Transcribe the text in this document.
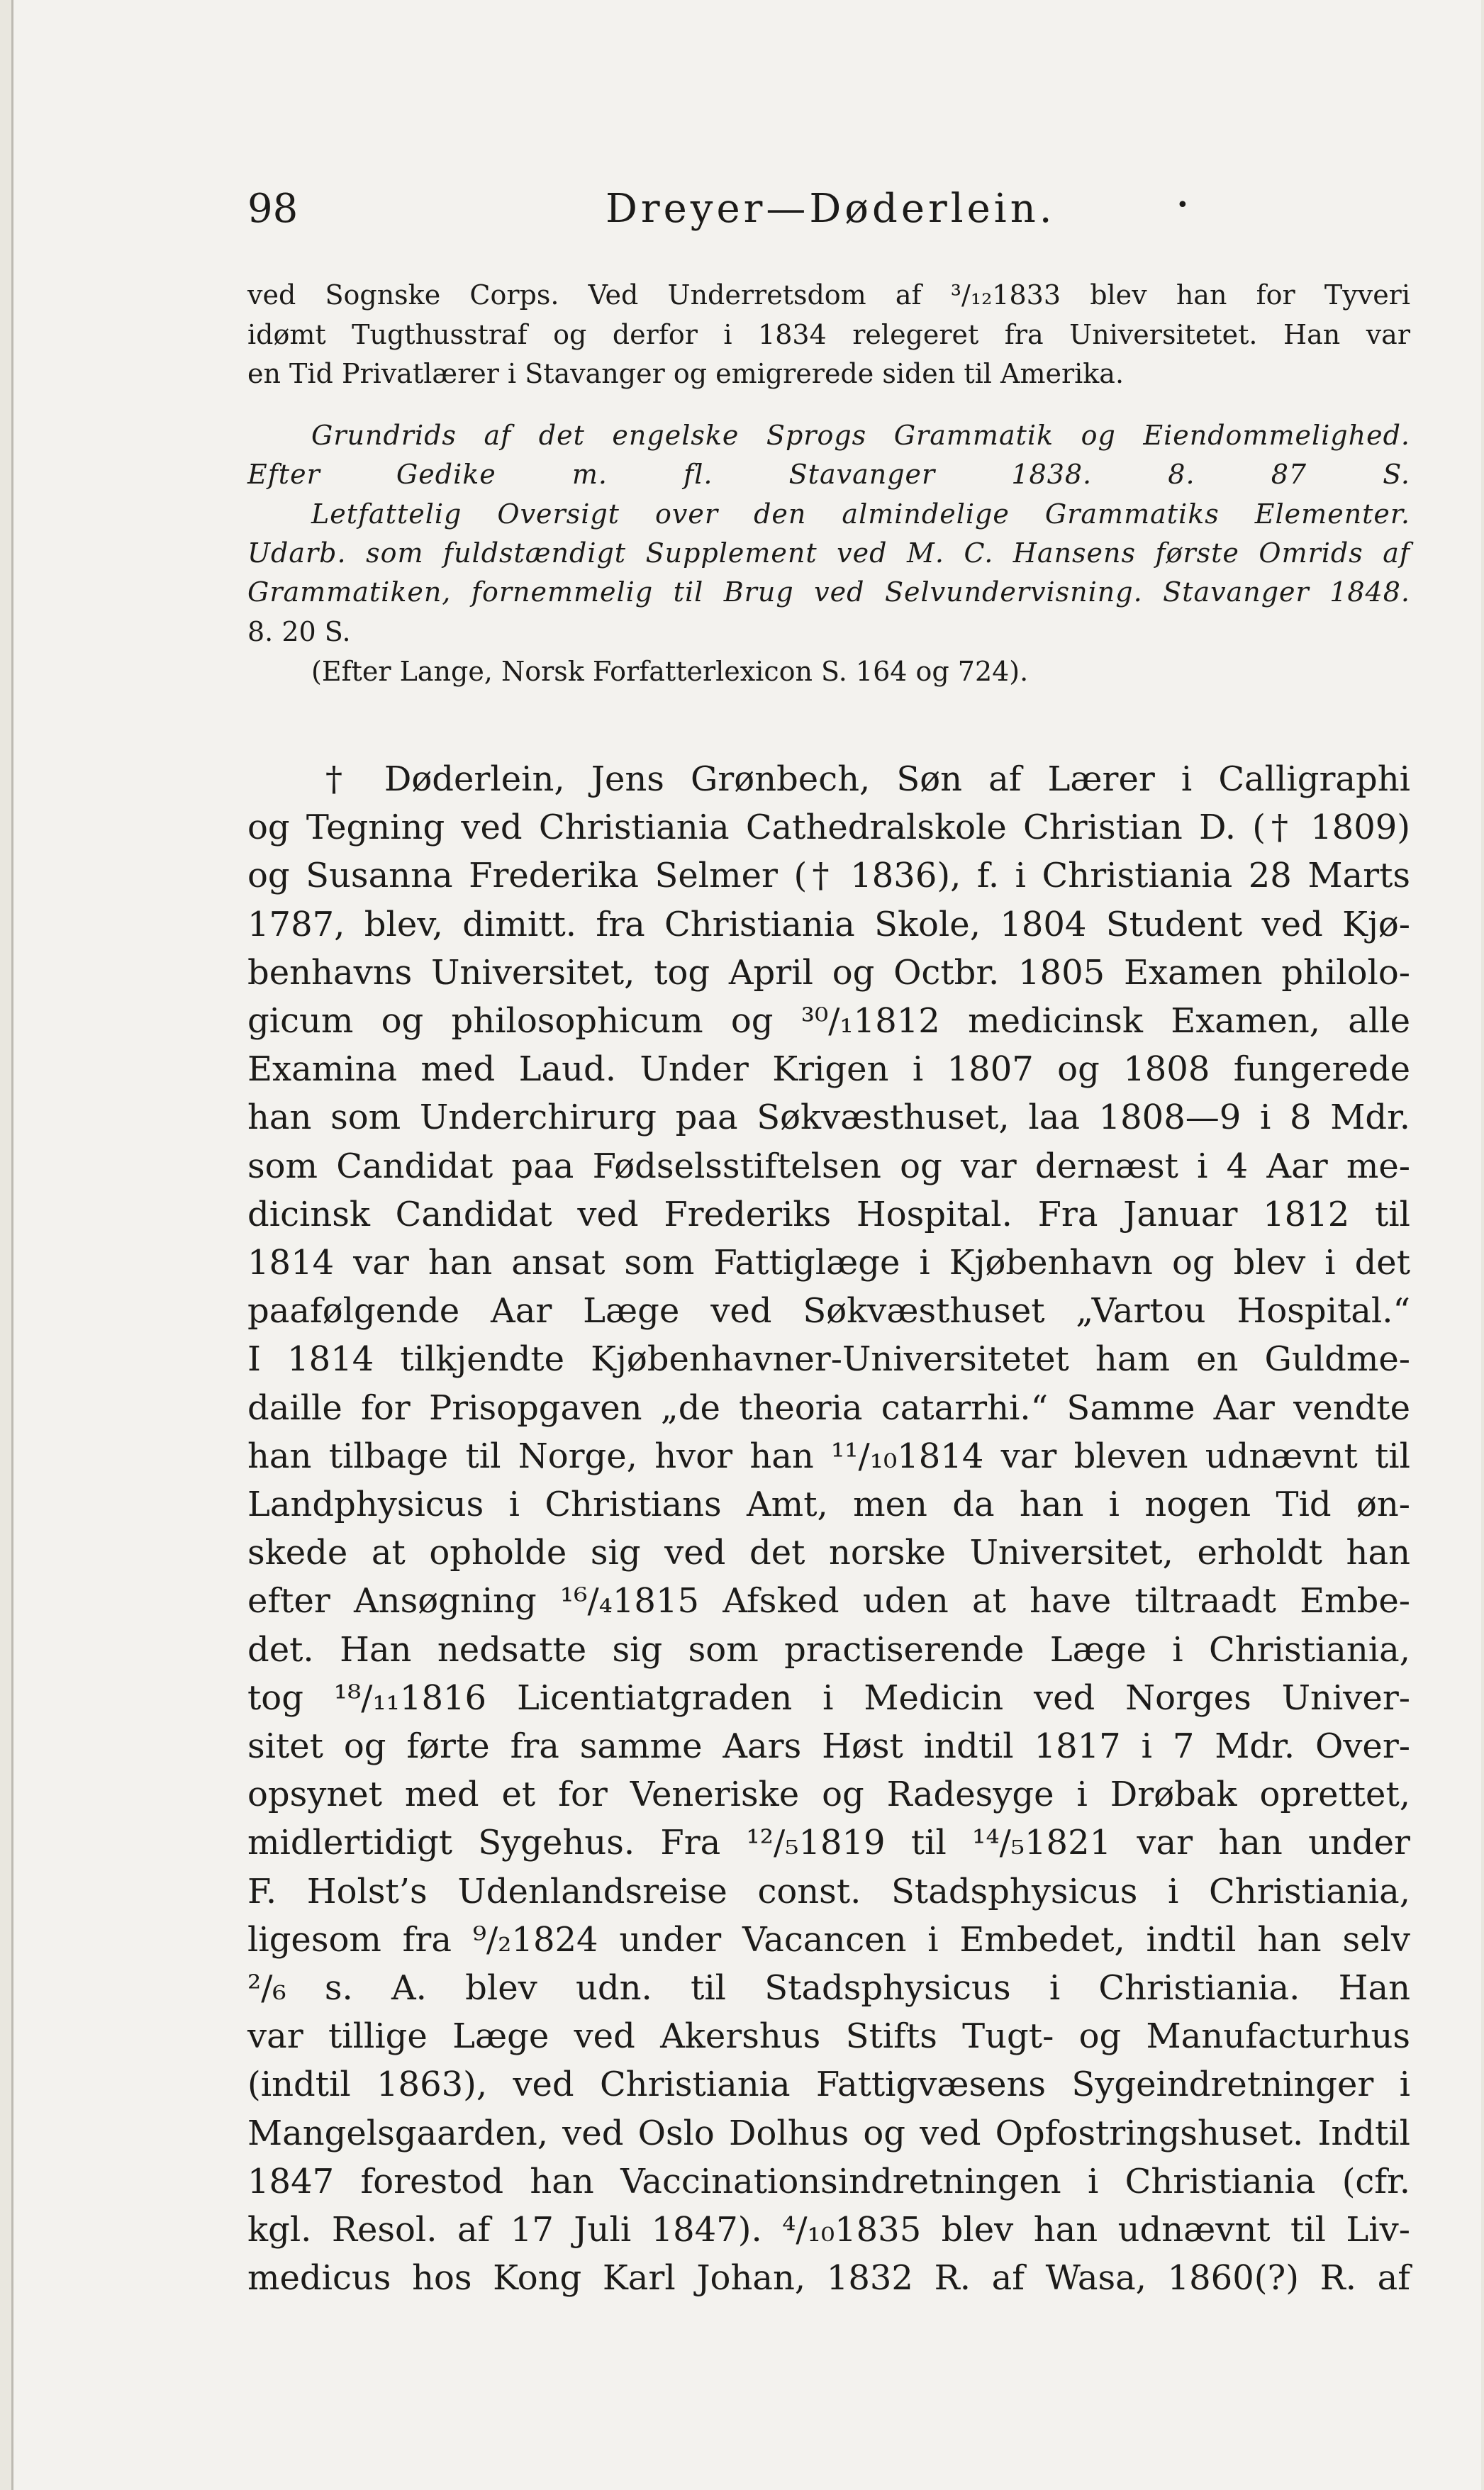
98	Dreyer—Døderlein.	•
ved Sognske Corps. Ved Underretsdom af ³/₁₂1833 blev han for Tyveri
idømt Tugthusstraf og derfor i 1834 relegeret fra Universitetet. Han var
en Tid Privatlærer i Stavanger og emigrerede siden til Amerika.
Grundrids af det engelske Sprogs Grammatik og Eiendommelighed.
Efter Gedike m. fl. Stavanger 1838. 8. 87 S.
Letfattelig Oversigt over den almindelige Grammatiks Elementer.
Udarb. som fuldstændigt Supplement ved M. C. Hansens første Omrids af
Grammatiken, fornemmelig til Brug ved Selvundervisning. Stavanger 1848.
8. 20 S.
(Efter Lange, Norsk Forfatterlexicon S. 164 og 724).
† Døderlein, Jens Grønbech, Søn af Lærer i Calligraphi
og Tegning ved Christiania Cathedralskole Christian D. († 1809)
og Susanna Frederika Selmer († 1836), f. i Christiania 28 Marts
1787, blev, dimitt. fra Christiania Skole, 1804 Student ved Kjø-
benhavns Universitet, tog April og Octbr. 1805 Examen philolo-
gicum og philosophicum og ³⁰/₁1812 medicinsk Examen, alle
Examina med Laud. Under Krigen i 1807 og 1808 fungerede
han som Underchirurg paa Søkvæsthuset, laa 1808—9 i 8 Mdr.
som Candidat paa Fødselsstiftelsen og var dernæst i 4 Aar me-
dicinsk Candidat ved Frederiks Hospital. Fra Januar 1812 til
1814 var han ansat som Fattiglæge i Kjøbenhavn og blev i det
paafølgende Aar Læge ved Søkvæsthuset „Vartou Hospital.“
I 1814 tilkjendte Kjøbenhavner-Universitetet ham en Guldme-
daille for Prisopgaven „de theoria catarrhi.“ Samme Aar vendte
han tilbage til Norge, hvor han ¹¹/₁₀1814 var bleven udnævnt til
Landphysicus i Christians Amt, men da han i nogen Tid øn-
skede at opholde sig ved det norske Universitet, erholdt han
efter Ansøgning ¹⁶/₄1815 Afsked uden at have tiltraadt Embe-
det. Han nedsatte sig som practiserende Læge i Christiania,
tog ¹⁸/₁₁1816 Licentiatgraden i Medicin ved Norges Univer-
sitet og førte fra samme Aars Høst indtil 1817 i 7 Mdr. Over-
opsynet med et for Veneriske og Radesyge i Drøbak oprettet,
midlertidigt Sygehus. Fra ¹²/₅1819 til ¹⁴/₅1821 var han under
F. Holst’s Udenlandsreise const. Stadsphysicus i Christiania,
ligesom fra ⁹/₂1824 under Vacancen i Embedet, indtil han selv
²/₆ s. A. blev udn. til Stadsphysicus i Christiania. Han
var tillige Læge ved Akershus Stifts Tugt- og Manufacturhus
(indtil 1863), ved Christiania Fattigvæsens Sygeindretninger i
Mangelsgaarden, ved Oslo Dolhus og ved Opfostringshuset. Indtil
1847 forestod han Vaccinationsindretningen i Christiania (cfr.
kgl. Resol. af 17 Juli 1847). ⁴/₁₀1835 blev han udnævnt til Liv-
medicus hos Kong Karl Johan, 1832 R. af Wasa, 1860(?) R. af
